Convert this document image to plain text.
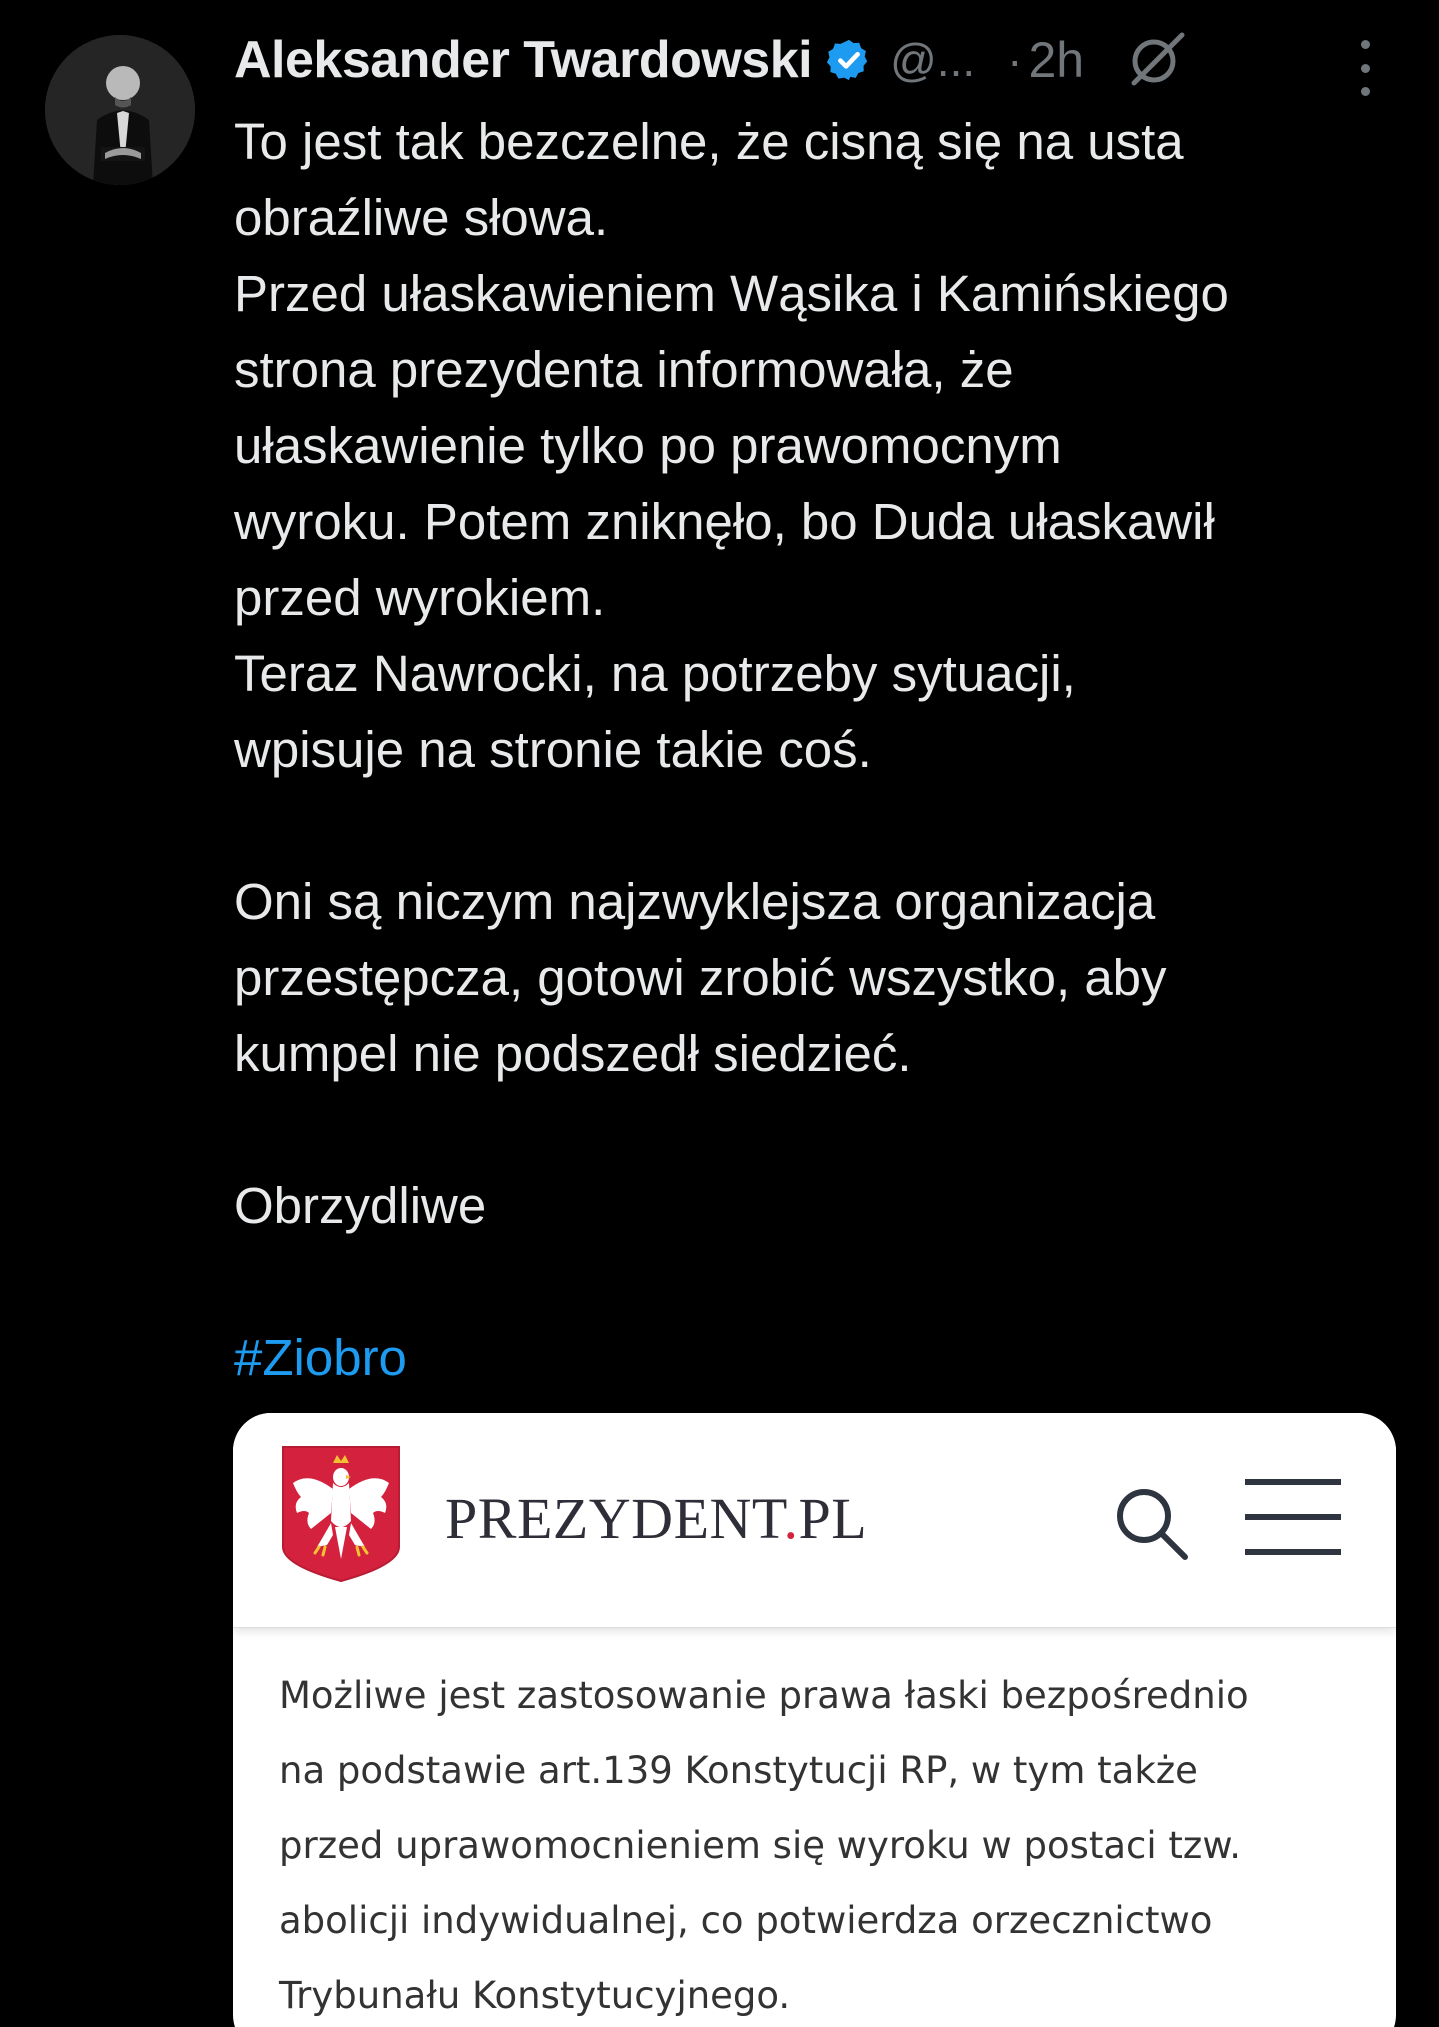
Aleksander Twardowski @... · 2h
To jest tak bezczelne, że cisną się na usta
obraźliwe słowa.
Przed ułaskawieniem Wąsika i Kamińskiego
strona prezydenta informowała, że
ułaskawienie tylko po prawomocnym
wyroku. Potem zniknęło, bo Duda ułaskawił
przed wyrokiem.
Teraz Nawrocki, na potrzeby sytuacji,
wpisuje na stronie takie coś.
Oni są niczym najzwyklejsza organizacja
przestępcza, gotowi zrobić wszystko, aby
kumpel nie podszedł siedzieć.
Obrzydliwe
#Ziobro
PREZYDENT.PL
Możliwe jest zastosowanie prawa łaski bezpośrednio
na podstawie art.139 Konstytucji RP, w tym także
przed uprawomocnieniem się wyroku w postaci tzw.
abolicji indywidualnej, co potwierdza orzecznictwo
Trybunału Konstytucyjnego.
